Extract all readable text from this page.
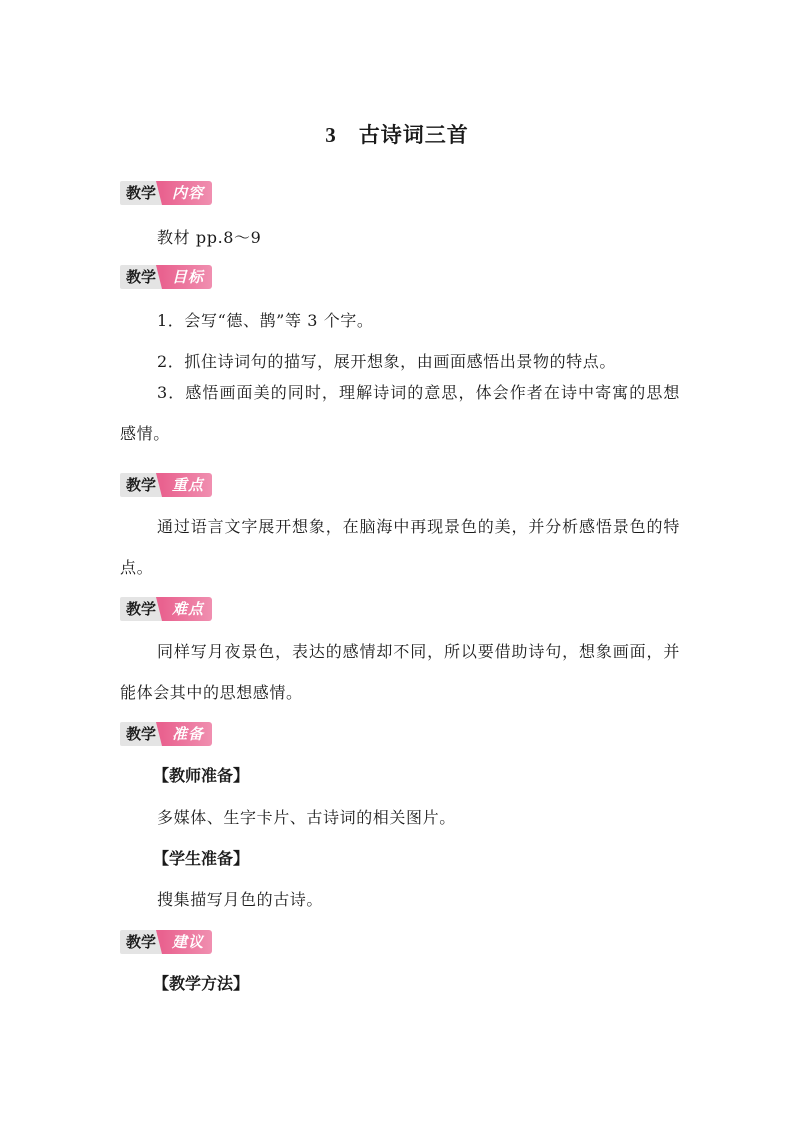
3 古诗词三首
教学	内容
教材 pp.8～9
教学	目标
1．会写“德、鹊”等 3 个字。
2．抓住诗词句的描写，展开想象，由画面感悟出景物的特点。
3．感悟画面美的同时，理解诗词的意思，体会作者在诗中寄寓的思想感情。
教学	重点
通过语言文字展开想象，在脑海中再现景色的美，并分析感悟景色的特点。
教学	难点
同样写月夜景色，表达的感情却不同，所以要借助诗句，想象画面，并能体会其中的思想感情。
教学	准备
【教师准备】
多媒体、生字卡片、古诗词的相关图片。
【学生准备】
搜集描写月色的古诗。
教学	建议
【教学方法】
